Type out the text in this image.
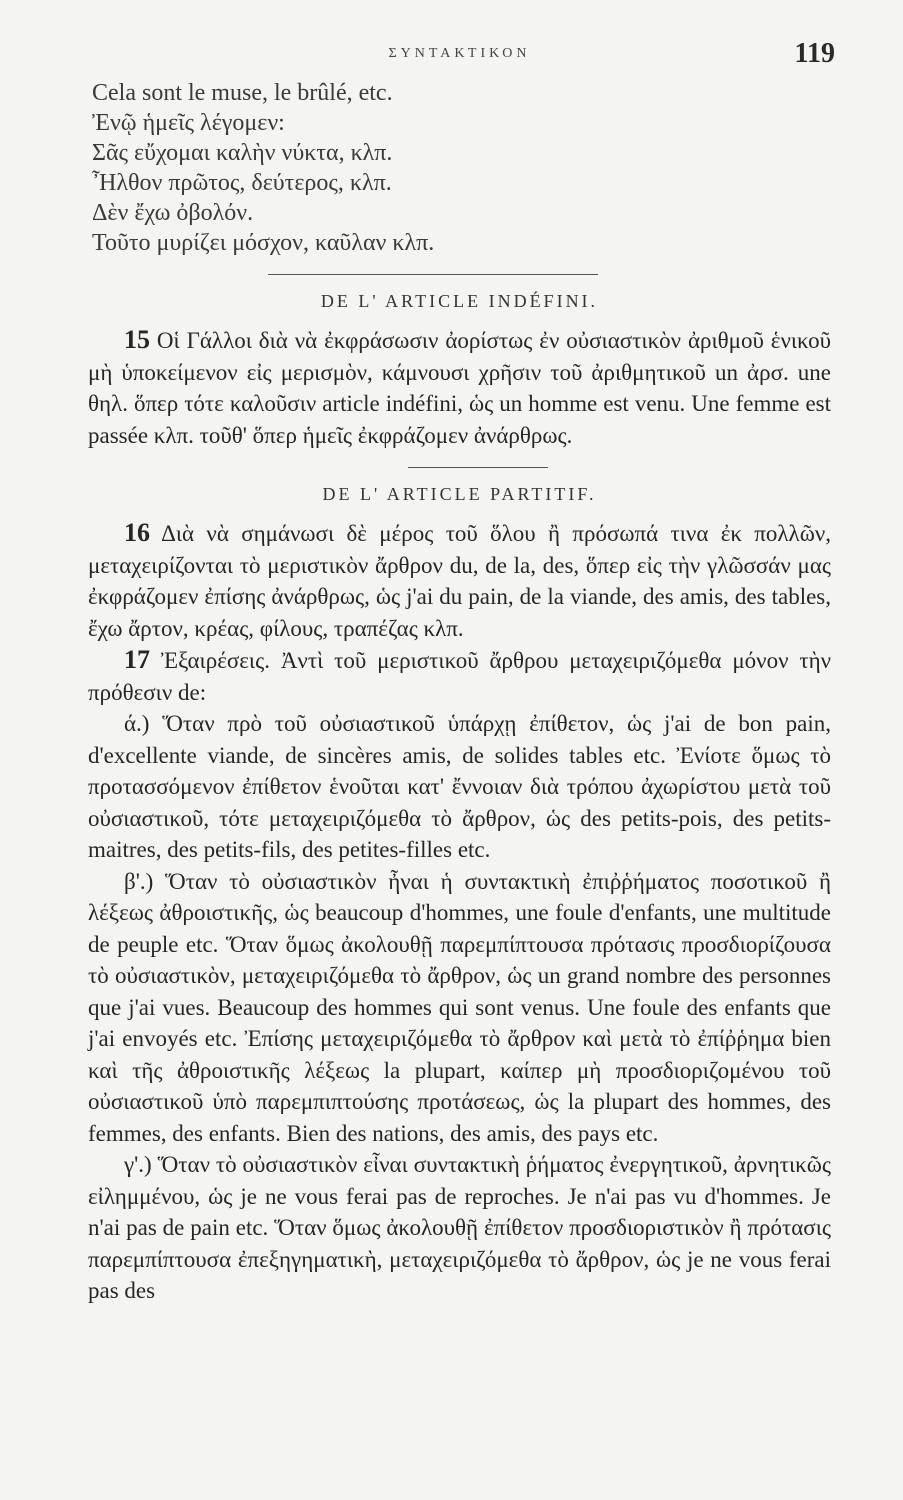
ΣΥΝΤΑΚΤΙΚΟΝ	119

Cela sont le muse, le brûlé, etc.

Ἐνῷ ἡμεῖς λέγομεν:

Σᾶς εὔχομαι καλὴν νύκτα, κλπ.

Ἦλθον πρῶτος, δεύτερος, κλπ.

Δὲν ἔχω ὀβολόν.

Τοῦτο μυρίζει μόσχον, καῦλαν κλπ.

DE L' ARTICLE INDÉFINI.

15 Οἱ Γάλλοι διὰ νὰ ἐκφράσωσιν ἀορίστως ἐν οὐσιαστικὸν ἀριθμοῦ ἑνικοῦ μὴ ὑποκείμενον εἰς μερισμὸν, κάμνουσι χρῆσιν τοῦ ἀριθμητικοῦ un ἀρσ. une θηλ. ὅπερ τότε καλοῦσιν article indéfini, ὡς un homme est venu. Une femme est passée κλπ. τοῦθ' ὅπερ ἡμεῖς ἐκφράζομεν ἀνάρθρως.

DE L' ARTICLE PARTITIF.

16 Διὰ νὰ σημάνωσι δὲ μέρος τοῦ ὅλου ἢ πρόσωπά τινα ἐκ πολλῶν, μεταχειρίζονται τὸ μεριστικὸν ἄρθρον du, de la, des, ὅπερ εἰς τὴν γλῶσσάν μας ἐκφράζομεν ἐπίσης ἀνάρθρως, ὡς j'ai du pain, de la viande, des amis, des tables, ἔχω ἄρτον, κρέας, φίλους, τραπέζας κλπ.

17 Ἐξαιρέσεις. Ἀντὶ τοῦ μεριστικοῦ ἄρθρου μεταχειριζόμεθα μόνον τὴν πρόθεσιν de:

ά.) Ὅταν πρὸ τοῦ οὐσιαστικοῦ ὑπάρχῃ ἐπίθετον, ὡς j'ai de bon pain, d'excellente viande, de sincères amis, de solides tables etc. Ἐνίοτε ὅμως τὸ προτασσόμενον ἐπίθετον ἑνοῦται κατ' ἔννοιαν διὰ τρόπου ἀχωρίστου μετὰ τοῦ οὐσιαστικοῦ, τότε μεταχειριζόμεθα τὸ ἄρθρον, ὡς des petits-pois, des petits-maitres, des petits-fils, des petites-filles etc.

β'.) Ὅταν τὸ οὐσιαστικὸν ἦναι ἡ συντακτικὴ ἐπιῤῥήματος ποσοτικοῦ ἢ λέξεως ἀθροιστικῆς, ὡς beaucoup d'hommes, une foule d'enfants, une multitude de peuple etc. Ὅταν ὅμως ἀκολουθῇ παρεμπίπτουσα πρότασις προσδιορίζουσα τὸ οὐσιαστικὸν, μεταχειριζόμεθα τὸ ἄρθρον, ὡς un grand nombre des personnes que j'ai vues. Beaucoup des hommes qui sont venus. Une foule des enfants que j'ai envoyés etc. Ἐπίσης μεταχειριζόμεθα τὸ ἄρθρον καὶ μετὰ τὸ ἐπίῤῥημα bien καὶ τῆς ἀθροιστικῆς λέξεως la plupart, καίπερ μὴ προσδιοριζομένου τοῦ οὐσιαστικοῦ ὑπὸ παρεμπιπτούσης προτάσεως, ὡς la plupart des hommes, des femmes, des enfants. Bien des nations, des amis, des pays etc.

γ'.) Ὅταν τὸ οὐσιαστικὸν εἶναι συντακτικὴ ῥήματος ἐνεργητικοῦ, ἀρνητικῶς εἰλημμένου, ὡς je ne vous ferai pas de reproches. Je n'ai pas vu d'hommes. Je n'ai pas de pain etc. Ὅταν ὅμως ἀκολουθῇ ἐπίθετον προσδιοριστικὸν ἢ πρότασις παρεμπίπτουσα ἐπεξηγηματικὴ, μεταχειριζόμεθα τὸ ἄρθρον, ὡς je ne vous ferai pas des
